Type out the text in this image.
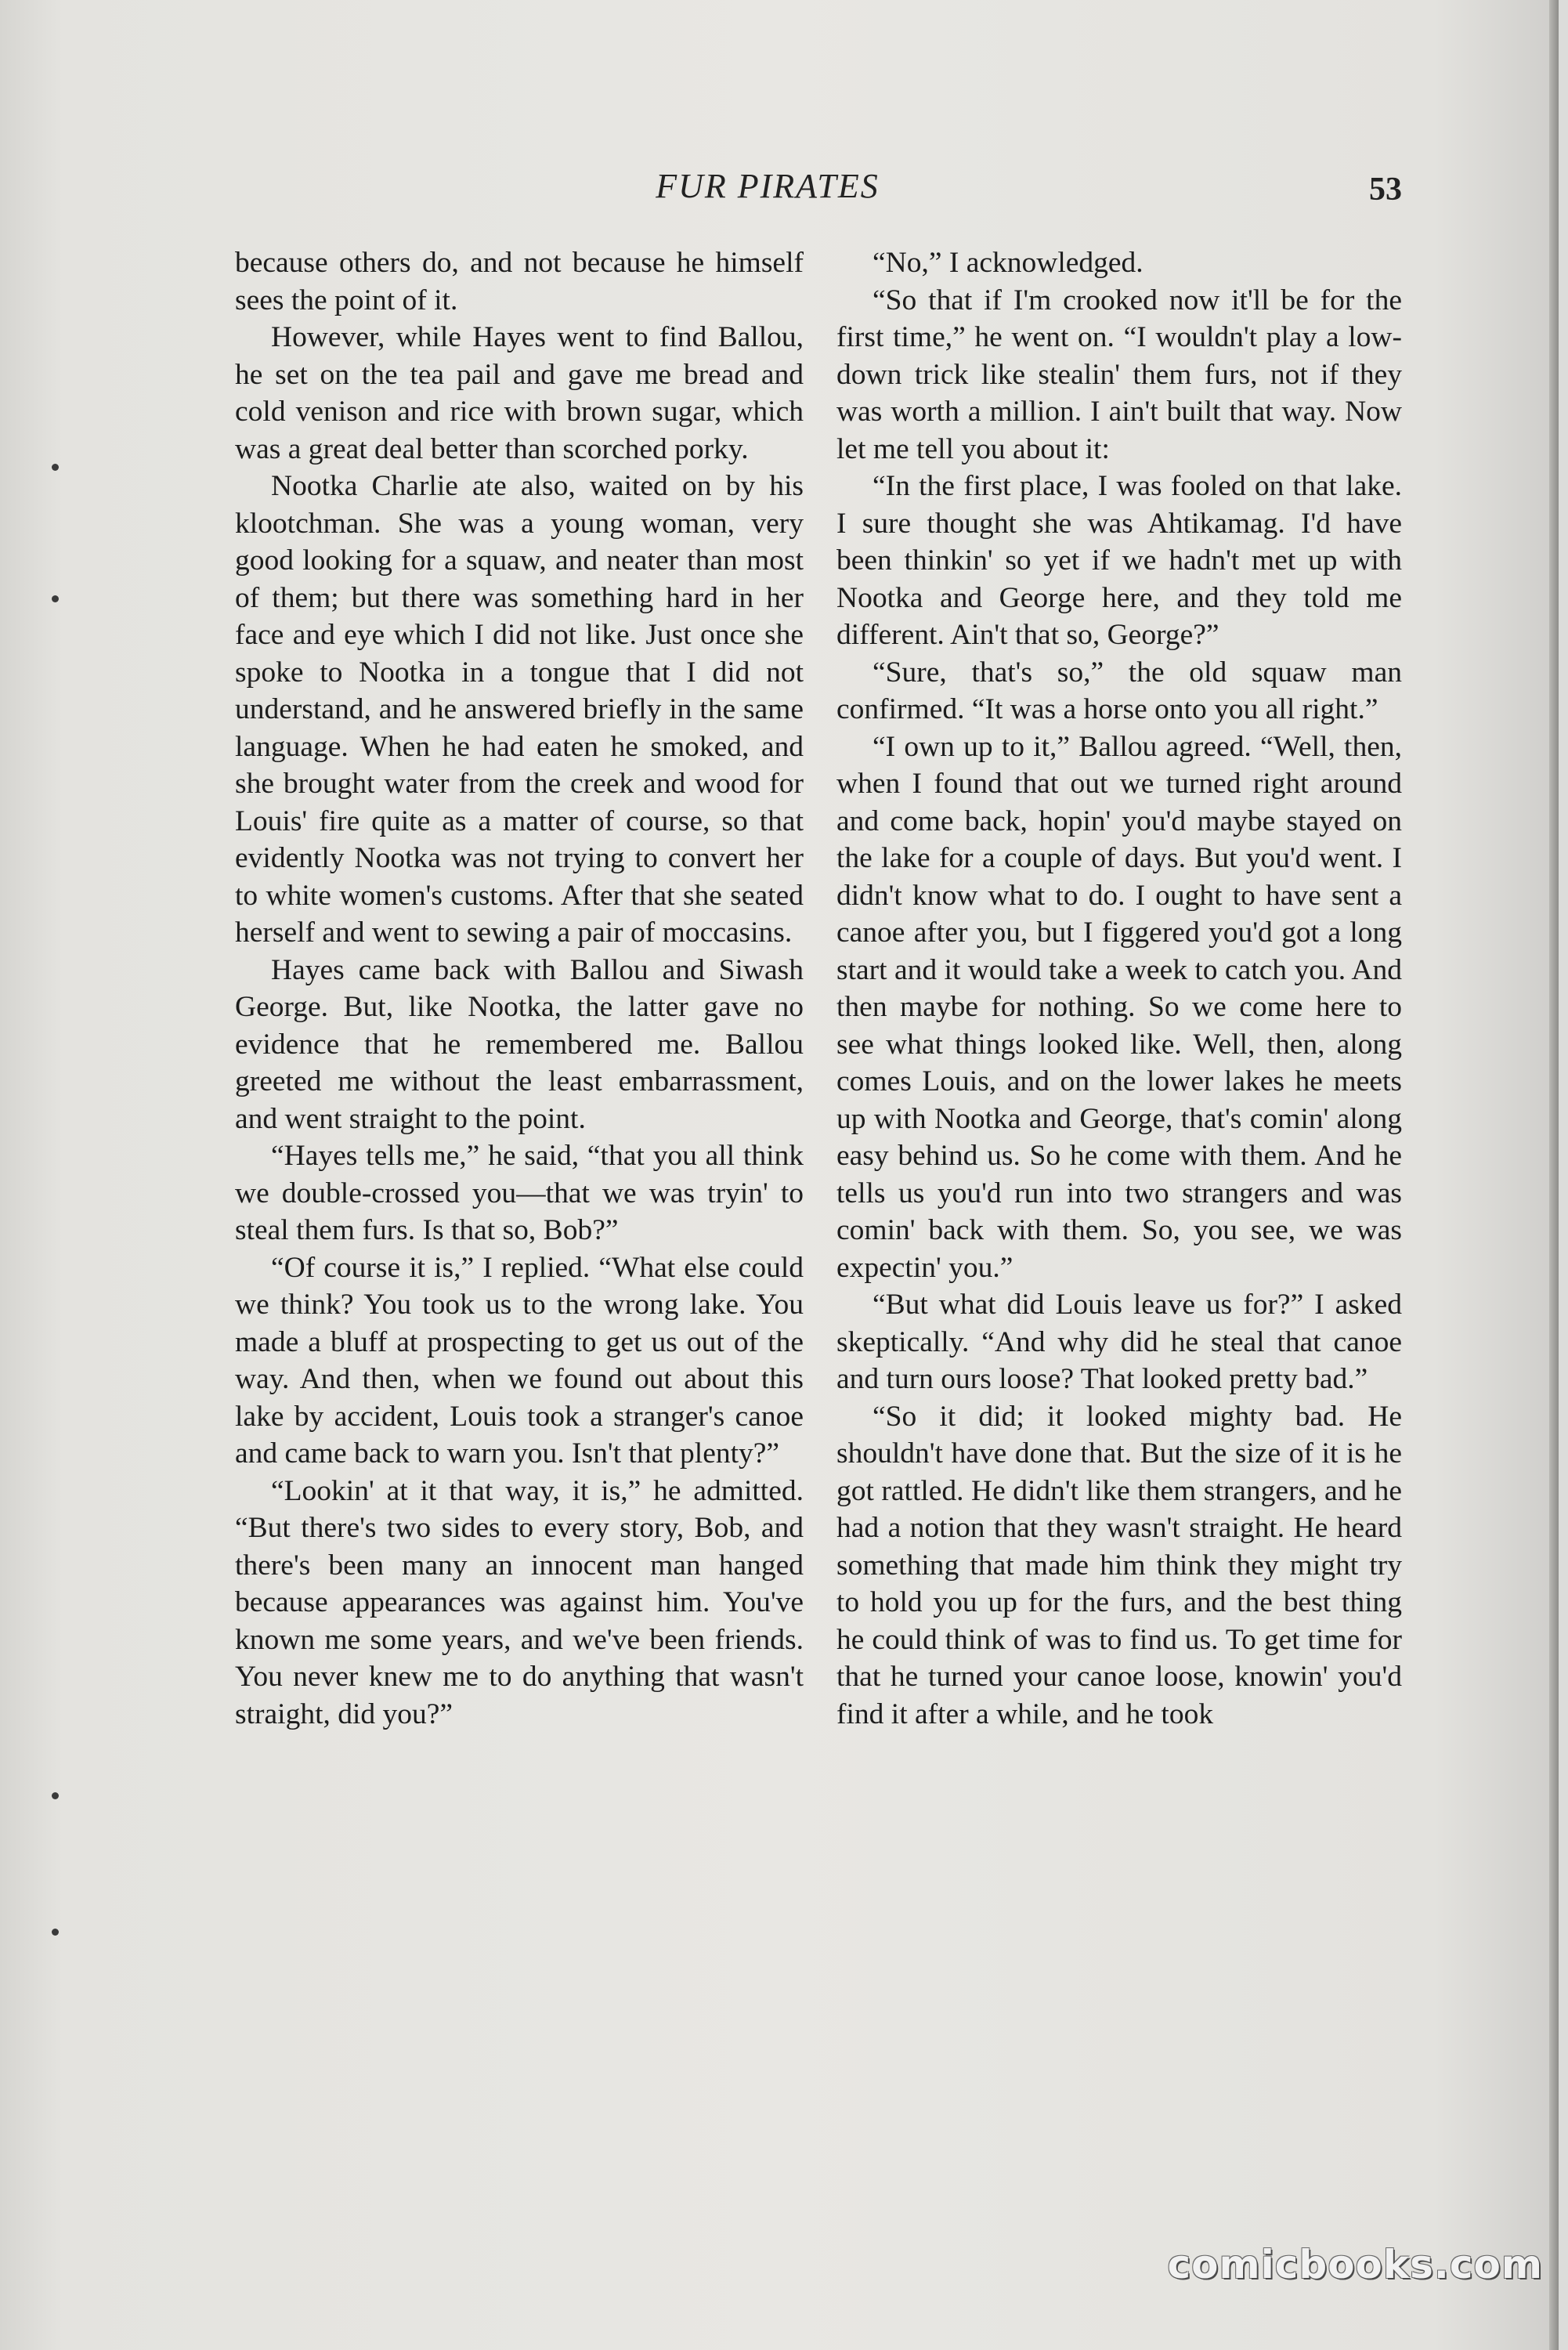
FUR PIRATES	53

because others do, and not because he himself sees the point of it.

However, while Hayes went to find Ballou, he set on the tea pail and gave me bread and cold venison and rice with brown sugar, which was a great deal better than scorched porky.

Nootka Charlie ate also, waited on by his klootchman. She was a young woman, very good looking for a squaw, and neater than most of them; but there was something hard in her face and eye which I did not like. Just once she spoke to Nootka in a tongue that I did not understand, and he answered briefly in the same language. When he had eaten he smoked, and she brought water from the creek and wood for Louis' fire quite as a matter of course, so that evidently Nootka was not trying to convert her to white women's customs. After that she seated herself and went to sewing a pair of moccasins.

Hayes came back with Ballou and Siwash George. But, like Nootka, the latter gave no evidence that he remembered me. Ballou greeted me without the least embarrassment, and went straight to the point.

“Hayes tells me,” he said, “that you all think we double-crossed you—that we was tryin' to steal them furs. Is that so, Bob?”

“Of course it is,” I replied. “What else could we think? You took us to the wrong lake. You made a bluff at prospecting to get us out of the way. And then, when we found out about this lake by accident, Louis took a stranger's canoe and came back to warn you. Isn't that plenty?”

“Lookin' at it that way, it is,” he admitted. “But there's two sides to every story, Bob, and there's been many an innocent man hanged because appearances was against him. You've known me some years, and we've been friends. You never knew me to do anything that wasn't straight, did you?”

“No,” I acknowledged.

“So that if I'm crooked now it'll be for the first time,” he went on. “I wouldn't play a low-down trick like stealin' them furs, not if they was worth a million. I ain't built that way. Now let me tell you about it:

“In the first place, I was fooled on that lake. I sure thought she was Ahtikamag. I'd have been thinkin' so yet if we hadn't met up with Nootka and George here, and they told me different. Ain't that so, George?”

“Sure, that's so,” the old squaw man confirmed. “It was a horse onto you all right.”

“I own up to it,” Ballou agreed. “Well, then, when I found that out we turned right around and come back, hopin' you'd maybe stayed on the lake for a couple of days. But you'd went. I didn't know what to do. I ought to have sent a canoe after you, but I figgered you'd got a long start and it would take a week to catch you. And then maybe for nothing. So we come here to see what things looked like. Well, then, along comes Louis, and on the lower lakes he meets up with Nootka and George, that's comin' along easy behind us. So he come with them. And he tells us you'd run into two strangers and was comin' back with them. So, you see, we was expectin' you.”

“But what did Louis leave us for?” I asked skeptically. “And why did he steal that canoe and turn ours loose? That looked pretty bad.”

“So it did; it looked mighty bad. He shouldn't have done that. But the size of it is he got rattled. He didn't like them strangers, and he had a notion that they wasn't straight. He heard something that made him think they might try to hold you up for the furs, and the best thing he could think of was to find us. To get time for that he turned your canoe loose, knowin' you'd find it after a while, and he took

comicbooks.com
